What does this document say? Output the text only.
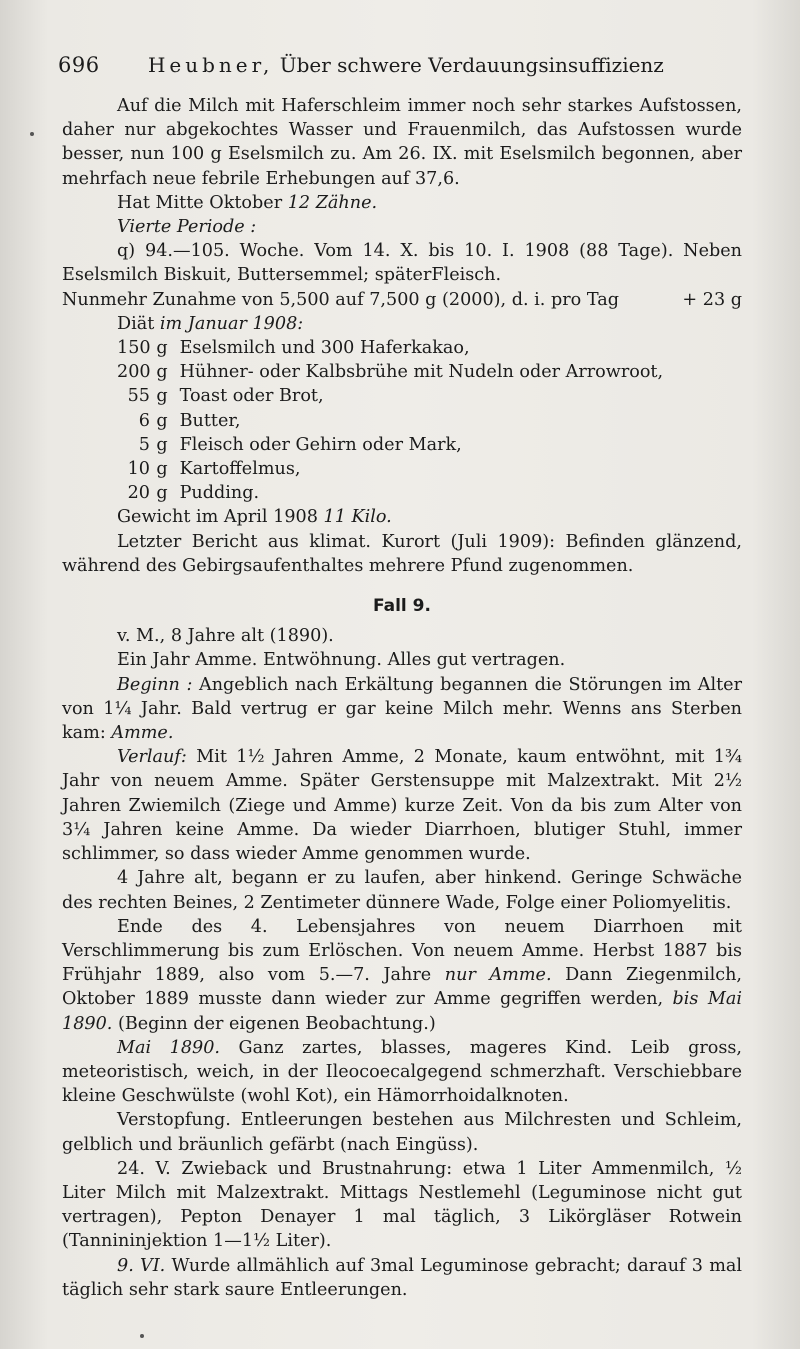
696 Heubner, Über schwere Verdauungsinsuffizienz

Auf die Milch mit Haferschleim immer noch sehr starkes Aufstossen, daher nur abgekochtes Wasser und Frauenmilch, das Aufstossen wurde besser, nun 100 g Eselsmilch zu. Am 26. IX. mit Eselsmilch begonnen, aber mehrfach neue febrile Erhebungen auf 37,6.

Hat Mitte Oktober 12 Zähne.
Vierte Periode :

q) 94.—105. Woche. Vom 14. X. bis 10. I. 1908 (88 Tage). Neben Eselsmilch Biskuit, Buttersemmel; späterFleisch.

Nunmehr Zunahme von 5,500 auf 7,500 g (2000), d. i. pro Tag	+ 23 g
Diät im Januar 1908:
150 g Eselsmilch und 300 Haferkakao,
200 g Hühner- oder Kalbsbrühe mit Nudeln oder Arrowroot,
55 g Toast oder Brot,
6 g Butter,
5 g Fleisch oder Gehirn oder Mark,
10 g Kartoffelmus,
20 g Pudding.
Gewicht im April 1908 11 Kilo.

Letzter Bericht aus klimat. Kurort (Juli 1909): Befinden glänzend, während des Gebirgsaufenthaltes mehrere Pfund zugenommen.

Fall 9.

v. M., 8 Jahre alt (1890).
Ein Jahr Amme. Entwöhnung. Alles gut vertragen.

Beginn : Angeblich nach Erkältung begannen die Störungen im Alter von 1¼ Jahr. Bald vertrug er gar keine Milch mehr. Wenns ans Sterben kam: Amme.

Verlauf: Mit 1½ Jahren Amme, 2 Monate, kaum entwöhnt, mit 1¾ Jahr von neuem Amme. Später Gerstensuppe mit Malzextrakt. Mit 2½ Jahren Zwiemilch (Ziege und Amme) kurze Zeit. Von da bis zum Alter von 3¼ Jahren keine Amme. Da wieder Diarrhoen, blutiger Stuhl, immer schlimmer, so dass wieder Amme genommen wurde.

4 Jahre alt, begann er zu laufen, aber hinkend. Geringe Schwäche des rechten Beines, 2 Zentimeter dünnere Wade, Folge einer Poliomyelitis.

Ende des 4. Lebensjahres von neuem Diarrhoen mit Verschlimmerung bis zum Erlöschen. Von neuem Amme. Herbst 1887 bis Frühjahr 1889, also vom 5.—7. Jahre nur Amme. Dann Ziegenmilch, Oktober 1889 musste dann wieder zur Amme gegriffen werden, bis Mai 1890. (Beginn der eigenen Beobachtung.)

Mai 1890. Ganz zartes, blasses, mageres Kind. Leib gross, meteoristisch, weich, in der Ileocoecalgegend schmerzhaft. Verschiebbare kleine Geschwülste (wohl Kot), ein Hämorrhoidalknoten.

Verstopfung. Entleerungen bestehen aus Milchresten und Schleim, gelblich und bräunlich gefärbt (nach Eingüss).

24. V. Zwieback und Brustnahrung: etwa 1 Liter Ammenmilch, ½ Liter Milch mit Malzextrakt. Mittags Nestlemehl (Leguminose nicht gut vertragen), Pepton Denayer 1 mal täglich, 3 Likörgläser Rotwein (Tannininjektion 1—1½ Liter).

9. VI. Wurde allmählich auf 3mal Leguminose gebracht; darauf 3 mal täglich sehr stark saure Entleerungen.
